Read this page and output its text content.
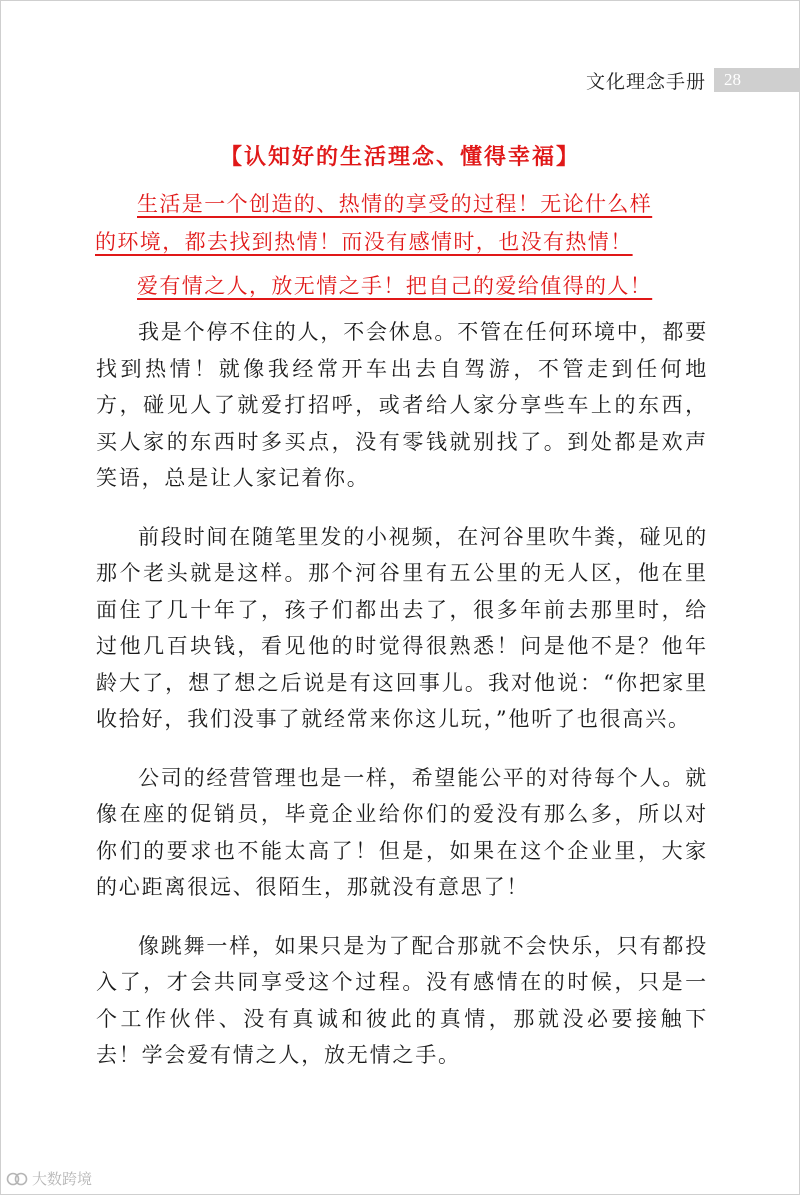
文化理念手册 28
【认知好的生活理念、懂得幸福】
生活是一个创造的、热情的享受的过程！无论什么样
的环境，都去找到热情！而没有感情时，也没有热情！
爱有情之人，放无情之手！把自己的爱给值得的人！

我是个停不住的人，不会休息。不管在任何环境中，都要找到热情！就像我经常开车出去自驾游，不管走到任何地方，碰见人了就爱打招呼，或者给人家分享些车上的东西，买人家的东西时多买点，没有零钱就别找了。到处都是欢声笑语，总是让人家记着你。

前段时间在随笔里发的小视频，在河谷里吹牛粪，碰见的那个老头就是这样。那个河谷里有五公里的无人区，他在里面住了几十年了，孩子们都出去了，很多年前去那里时，给过他几百块钱，看见他的时觉得很熟悉！问是他不是？他年龄大了，想了想之后说是有这回事儿。我对他说：“你把家里收拾好，我们没事了就经常来你这儿玩，”他听了也很高兴。

公司的经营管理也是一样，希望能公平的对待每个人。就像在座的促销员，毕竟企业给你们的爱没有那么多，所以对你们的要求也不能太高了！但是，如果在这个企业里，大家的心距离很远、很陌生，那就没有意思了！

像跳舞一样，如果只是为了配合那就不会快乐，只有都投入了，才会共同享受这个过程。没有感情在的时候，只是一个工作伙伴、没有真诚和彼此的真情，那就没必要接触下去！学会爱有情之人，放无情之手。

大数跨境
